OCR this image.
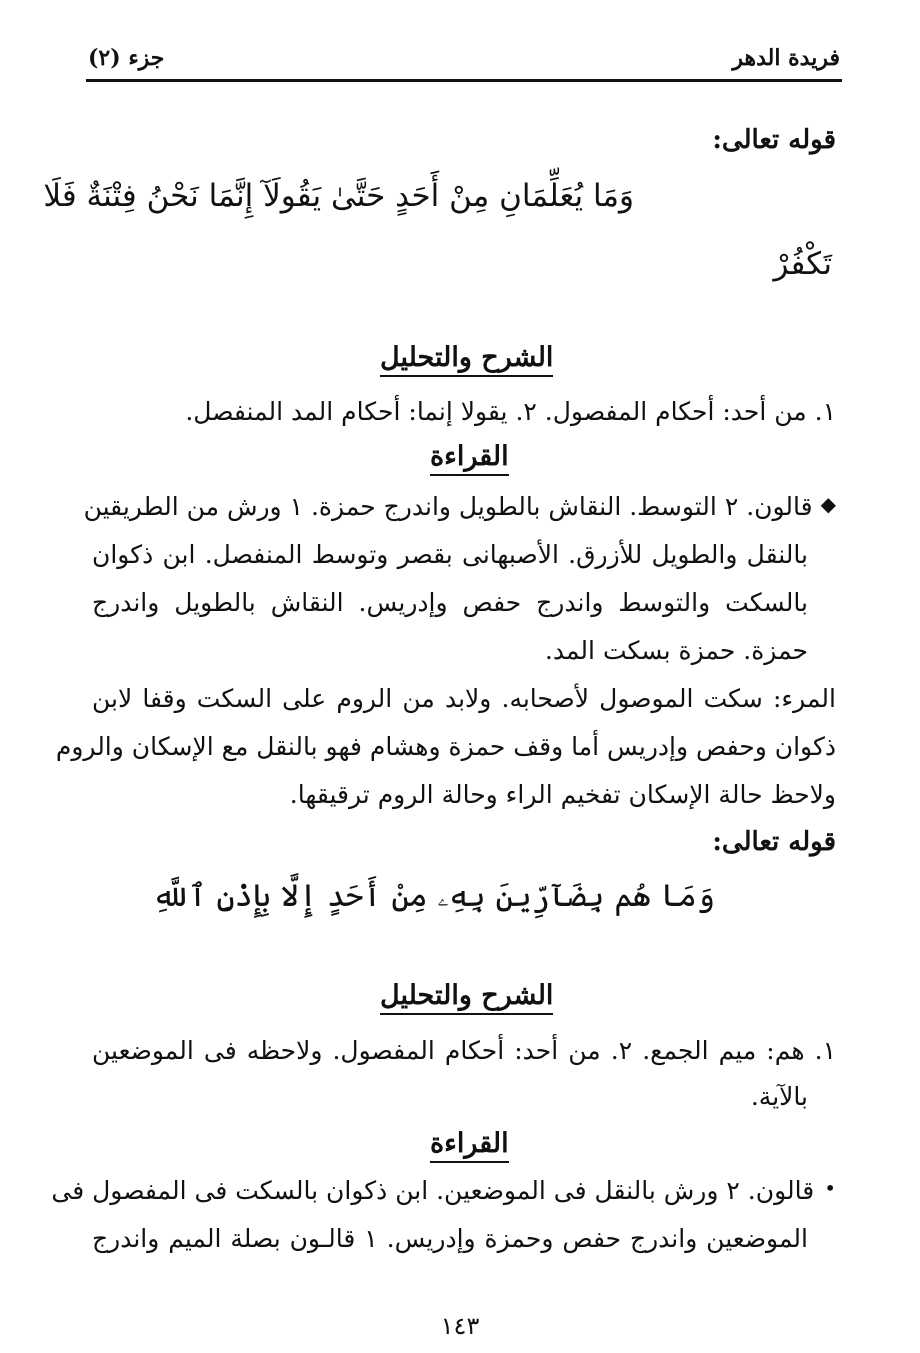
فريدة الدهر
جزء (٢)
قوله تعالى:
وَمَا يُعَلِّمَانِ مِنْ أَحَدٍ حَتَّىٰ يَقُولَآ إِنَّمَا نَحْنُ فِتْنَةٌ فَلَا
تَكْفُرْ
الشرح والتحليل
١. من أحد: أحكام المفصول. ٢. يقولا إنما: أحكام المد المنفصل.
القراءة
◆
قالون. ٢ التوسط. النقاش بالطويل واندرج حمزة. ١ ورش من الطريقين
بالنقل والطويل للأزرق. الأصبهانى بقصر وتوسط المنفصل. ابن ذكوان
بالسكت والتوسط واندرج حفص وإدريس. النقاش بالطويل واندرج
حمزة. حمزة بسكت المد.
المرء: سكت الموصول لأصحابه. ولابد من الروم على السكت وقفا لابن
ذكوان وحفص وإدريس أما وقف حمزة وهشام فهو بالنقل مع الإسكان والروم
ولاحظ حالة الإسكان تفخيم الراء وحالة الروم ترقيقها.
قوله تعالى:
وَمَا هُم بِضَآرِّينَ بِهِۦ مِنْ أَحَدٍ إِلَّا بِإِذْنِ ٱللَّهِ
الشرح والتحليل
١. هم: ميم الجمع. ٢. من أحد: أحكام المفصول. ولاحظه فى الموضعين
بالآية.
القراءة
•
قالون. ٢ ورش بالنقل فى الموضعين. ابن ذكوان بالسكت فى المفصول فى
الموضعين واندرج حفص وحمزة وإدريس. ١ قالـون بصلة الميم واندرج
١٤٣
